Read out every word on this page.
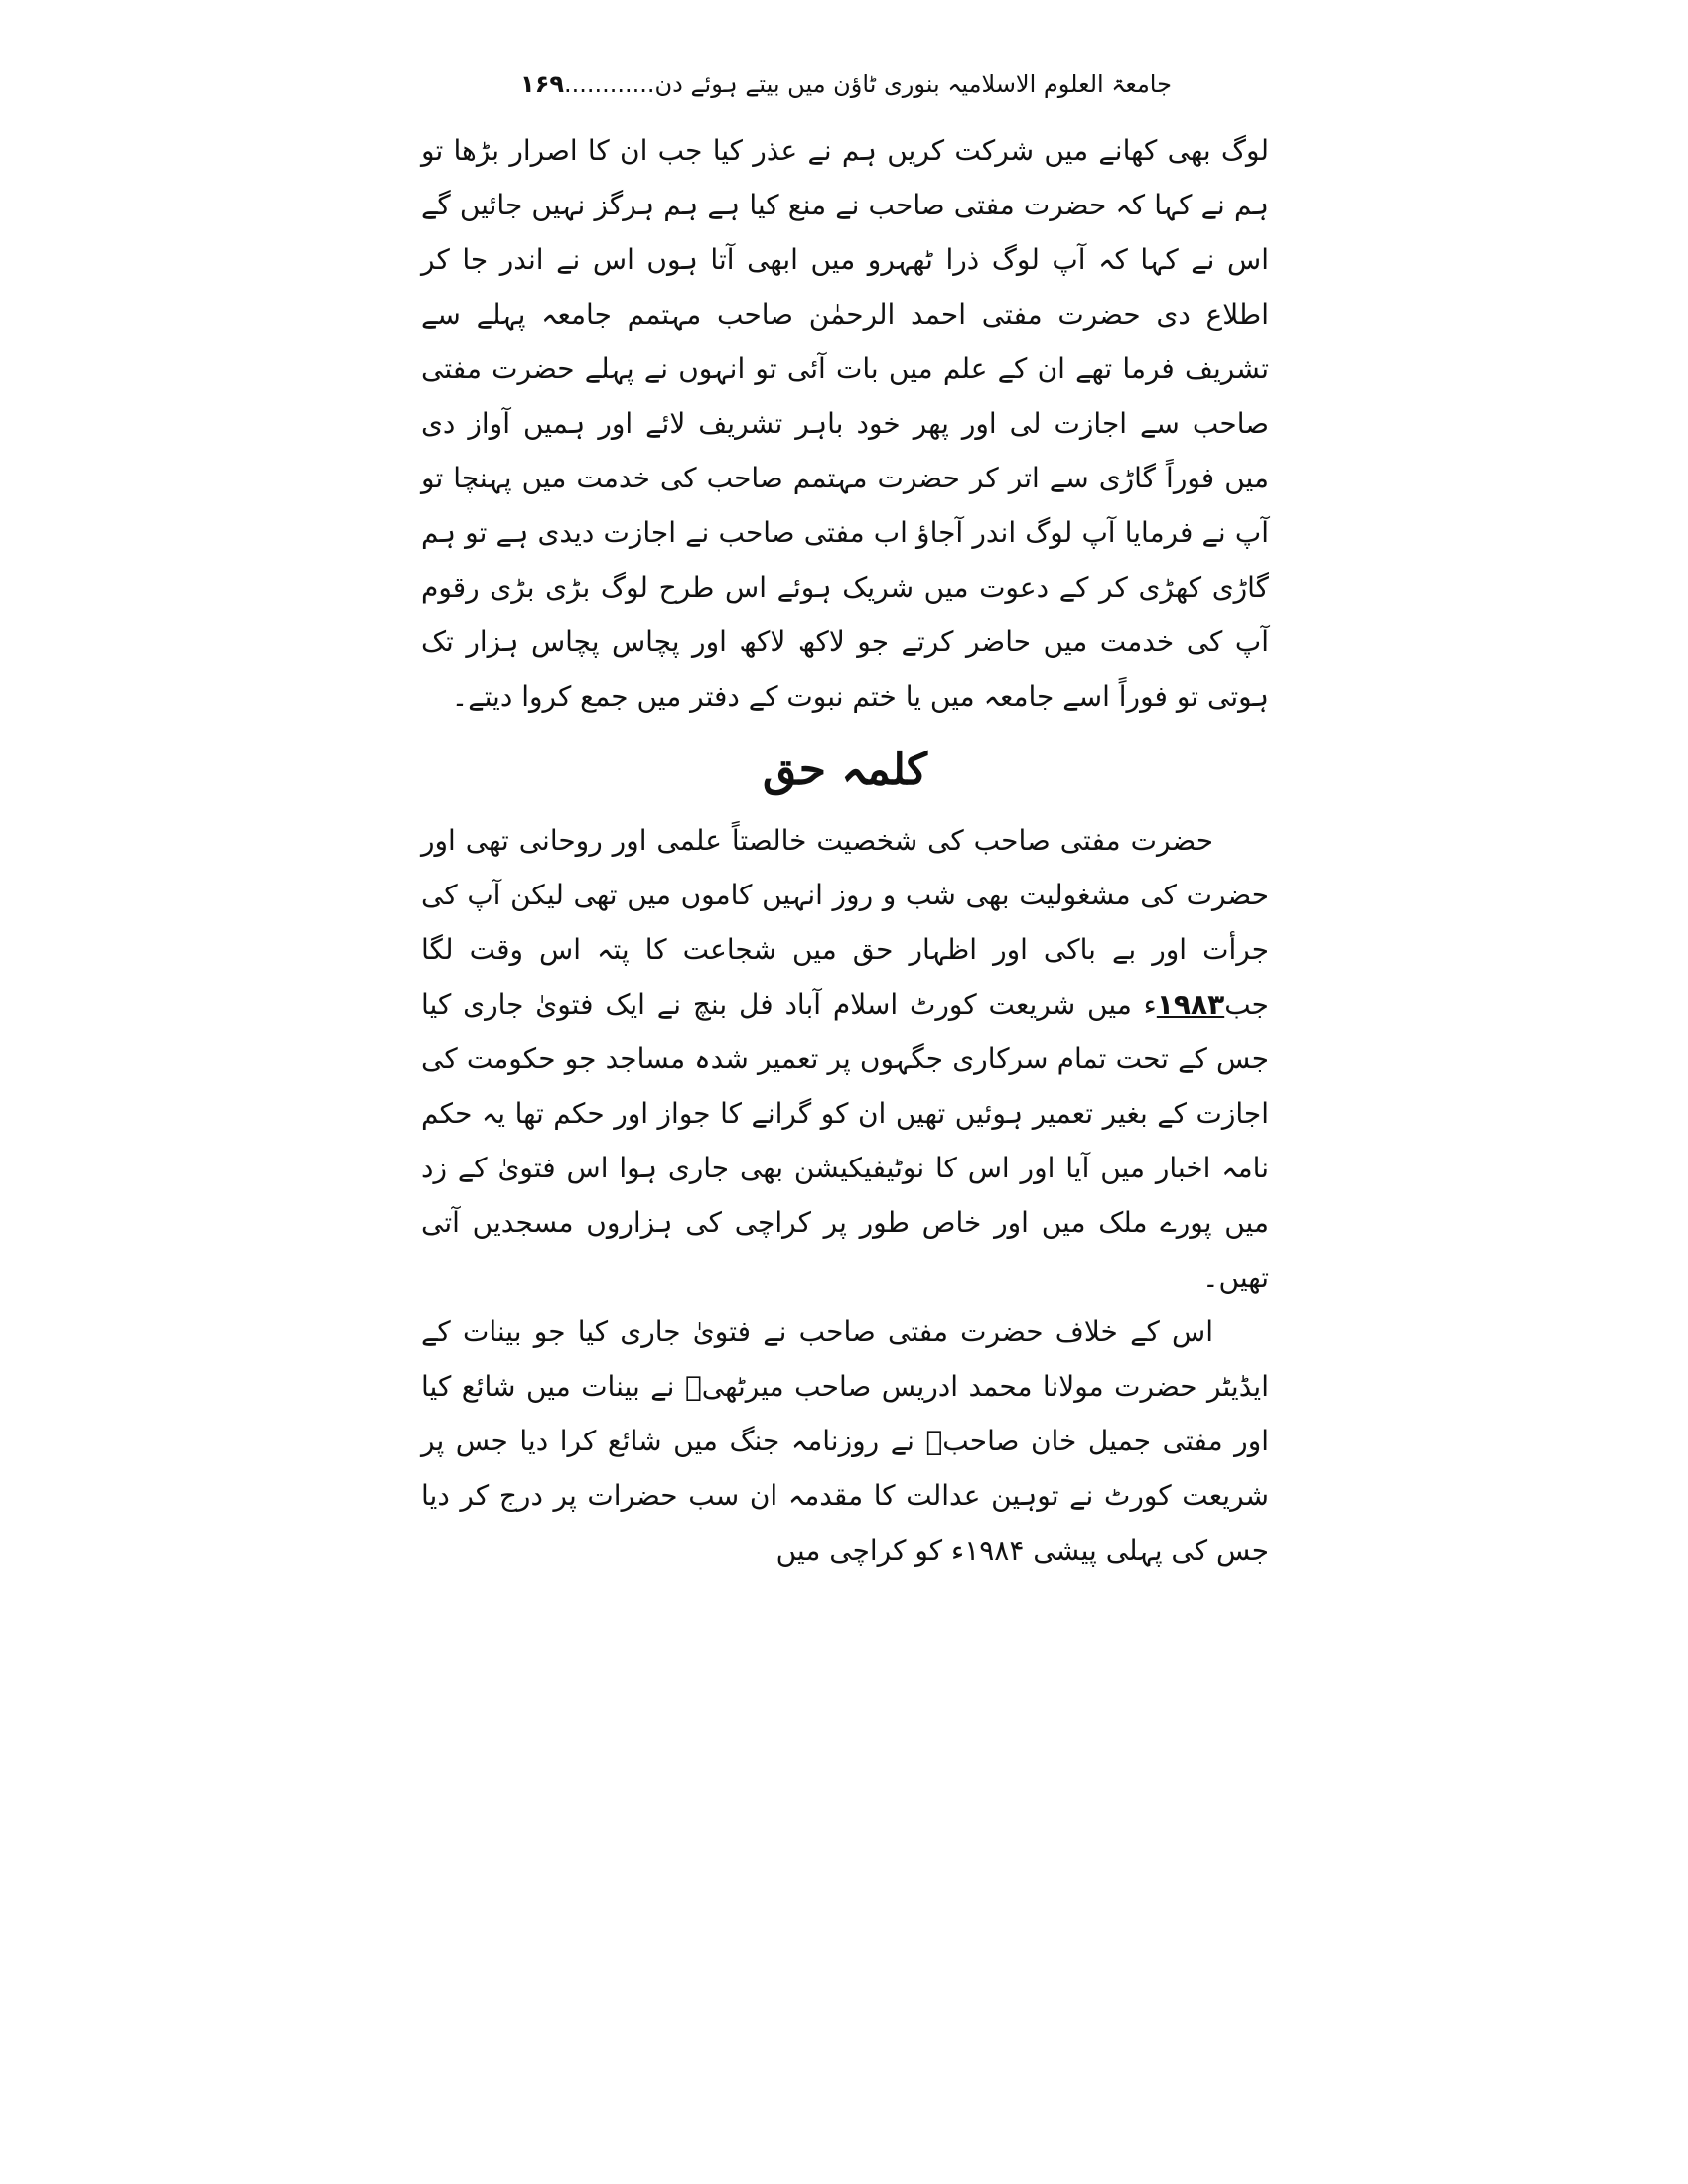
جامعۃ العلوم الاسلامیہ بنوری ٹاؤن میں بیتے ہوئے دن............۱۶۹

لوگ بھی کھانے میں شرکت کریں ہم نے عذر کیا جب ان کا اصرار بڑھا تو ہم نے کہا کہ حضرت مفتی صاحب نے منع کیا ہے ہم ہرگز نہیں جائیں گے اس نے کہا کہ آپ لوگ ذرا ٹھہرو میں ابھی آتا ہوں اس نے اندر جا کر اطلاع دی حضرت مفتی احمد الرحمٰن صاحب مہتمم جامعہ پہلے سے تشریف فرما تھے ان کے علم میں بات آئی تو انہوں نے پہلے حضرت مفتی صاحب سے اجازت لی اور پھر خود باہر تشریف لائے اور ہمیں آواز دی میں فوراً گاڑی سے اتر کر حضرت مہتمم صاحب کی خدمت میں پہنچا تو آپ نے فرمایا آپ لوگ اندر آجاؤ اب مفتی صاحب نے اجازت دیدی ہے تو ہم گاڑی کھڑی کر کے دعوت میں شریک ہوئے اس طرح لوگ بڑی بڑی رقوم آپ کی خدمت میں حاضر کرتے جو لاکھ لاکھ اور پچاس پچاس ہزار تک ہوتی تو فوراً اسے جامعہ میں یا ختم نبوت کے دفتر میں جمع کروا دیتے۔

کلمہ حق

حضرت مفتی صاحب کی شخصیت خالصتاً علمی اور روحانی تھی اور حضرت کی مشغولیت بھی شب و روز انہیں کاموں میں تھی لیکن آپ کی جرأت اور بے باکی اور اظہار حق میں شجاعت کا پتہ اس وقت لگا جب۱۹۸۳ء میں شریعت کورٹ اسلام آباد فل بنچ نے ایک فتویٰ جاری کیا جس کے تحت تمام سرکاری جگہوں پر تعمیر شدہ مساجد جو حکومت کی اجازت کے بغیر تعمیر ہوئیں تھیں ان کو گرانے کا جواز اور حکم تھا یہ حکم نامہ اخبار میں آیا اور اس کا نوٹیفیکیشن بھی جاری ہوا اس فتویٰ کے زد میں پورے ملک میں اور خاص طور پر کراچی کی ہزاروں مسجدیں آتی تھیں۔

اس کے خلاف حضرت مفتی صاحب نے فتویٰ جاری کیا جو بینات کے ایڈیٹر حضرت مولانا محمد ادریس صاحب میرٹھیؒ نے بینات میں شائع کیا اور مفتی جمیل خان صاحبؒ نے روزنامہ جنگ میں شائع کرا دیا جس پر شریعت کورٹ نے توہین عدالت کا مقدمہ ان سب حضرات پر درج کر دیا جس کی پہلی پیشی ۱۹۸۴ء کو کراچی میں
